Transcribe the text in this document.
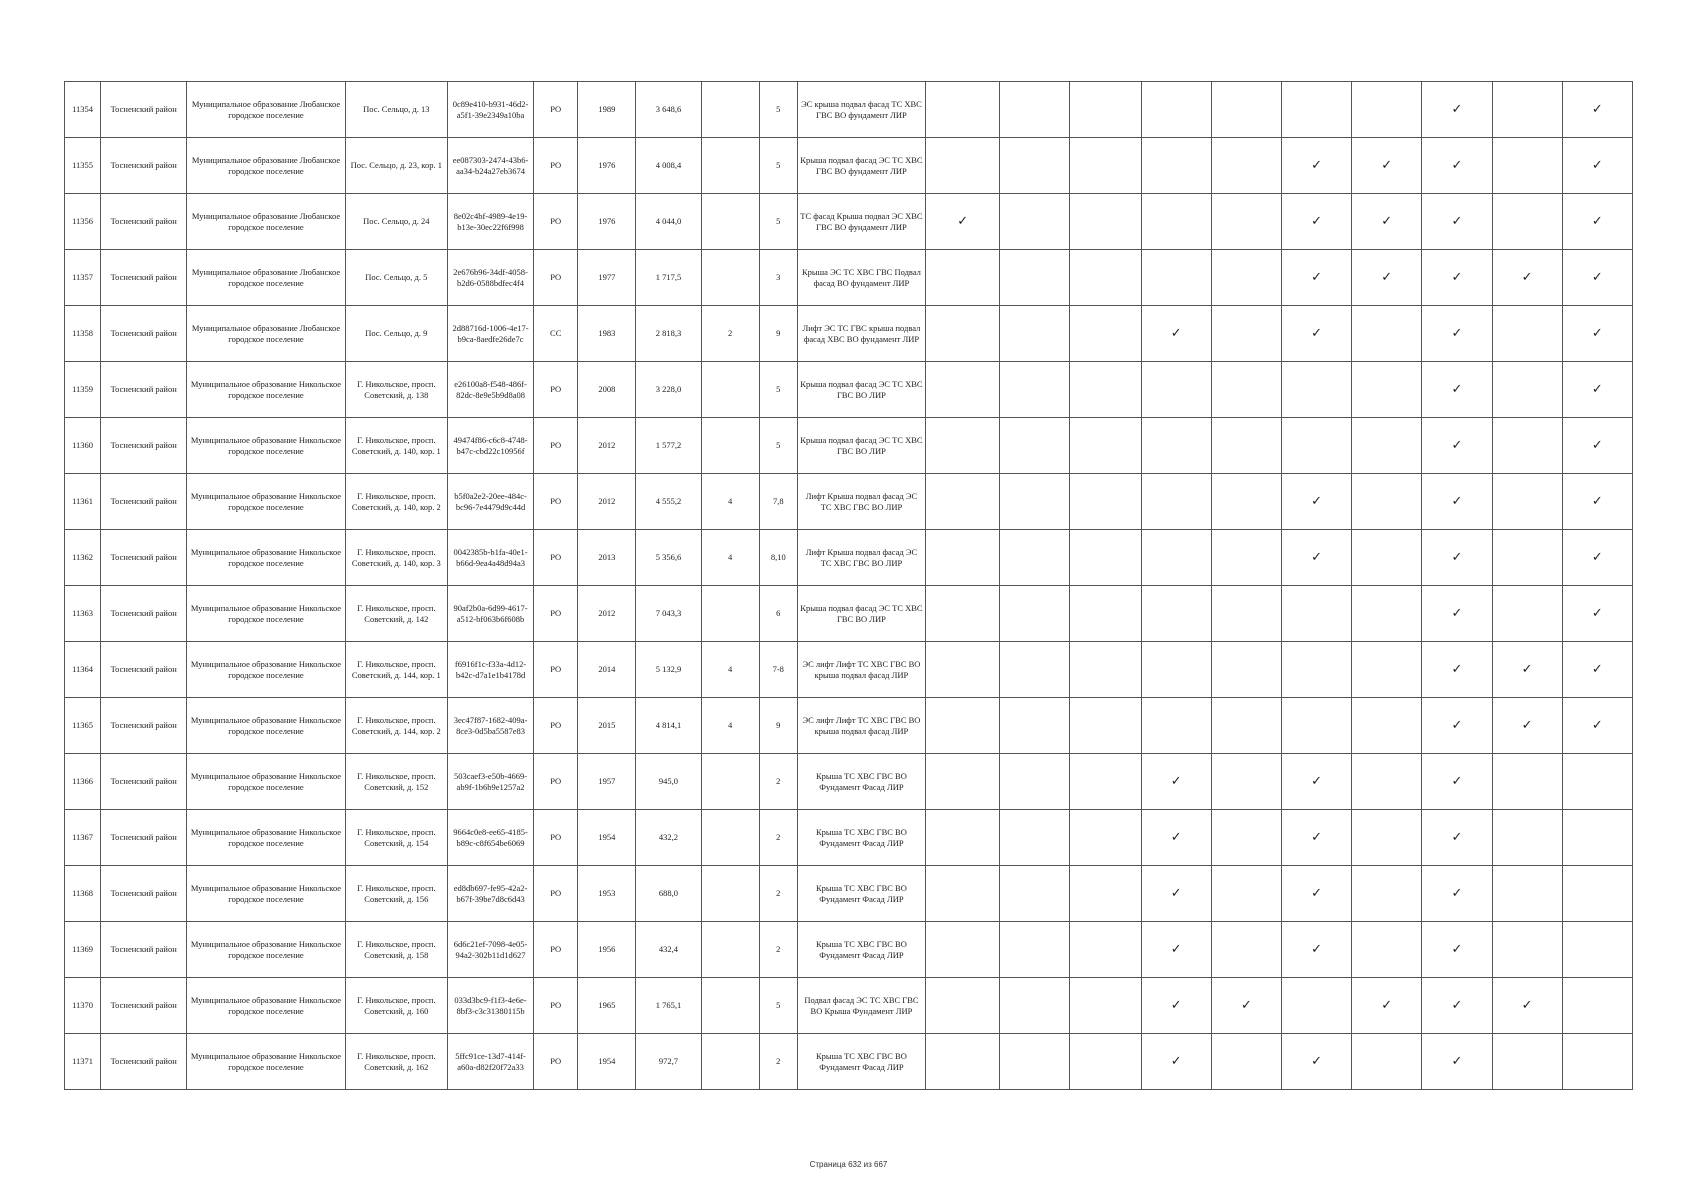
11354	Тосненский район	Муниципальное образование Любанское городское поселение	Пос. Сельцо, д. 13	0c89e410-b931-46d2-a5f1-39e2349a10ba	РО	1989	3 648,6		5	ЭС крыша подвал фасад ТС ХВС ГВС ВО фундамент ЛИР								✓		✓
11355	Тосненский район	Муниципальное образование Любанское городское поселение	Пос. Сельцо, д. 23, кор. 1	ee087303-2474-43b6-aa34-b24a27eb3674	РО	1976	4 008,4		5	Крыша подвал фасад ЭС ТС ХВС ГВС ВО фундамент ЛИР						✓	✓	✓		✓
11356	Тосненский район	Муниципальное образование Любанское городское поселение	Пос. Сельцо, д. 24	8e02c4bf-4989-4e19-b13e-30ec22f6f998	РО	1976	4 044,0		5	ТС фасад Крыша подвал ЭС ХВС ГВС ВО фундамент ЛИР	✓					✓	✓	✓		✓
11357	Тосненский район	Муниципальное образование Любанское городское поселение	Пос. Сельцо, д. 5	2e676b96-34df-4058-b2d6-0588bdfec4f4	РО	1977	1 717,5		3	Крыша ЭС ТС ХВС ГВС Подвал фасад ВО фундамент ЛИР						✓	✓	✓	✓	✓
11358	Тосненский район	Муниципальное образование Любанское городское поселение	Пос. Сельцо, д. 9	2d88716d-1006-4e17-b9ca-8aedfe26de7c	СС	1983	2 818,3	2	9	Лифт ЭС ТС ГВС крыша подвал фасад ХВС ВО фундамент ЛИР				✓		✓		✓		✓
11359	Тосненский район	Муниципальное образование Никольское городское поселение	Г. Никольское, просп. Советский, д. 138	e26100a8-f548-486f-82dc-8e9e5b9d8a08	РО	2008	3 228,0		5	Крыша подвал фасад ЭС ТС ХВС ГВС ВО ЛИР								✓		✓
11360	Тосненский район	Муниципальное образование Никольское городское поселение	Г. Никольское, просп. Советский, д. 140, кор. 1	49474f86-c6c8-4748-b47c-cbd22c10956f	РО	2012	1 577,2		5	Крыша подвал фасад ЭС ТС ХВС ГВС ВО ЛИР								✓		✓
11361	Тосненский район	Муниципальное образование Никольское городское поселение	Г. Никольское, просп. Советский, д. 140, кор. 2	b5f0a2e2-20ee-484c-bc96-7e4479d9c44d	РО	2012	4 555,2	4	7,8	Лифт Крыша подвал фасад ЭС ТС ХВС ГВС ВО ЛИР						✓		✓		✓
11362	Тосненский район	Муниципальное образование Никольское городское поселение	Г. Никольское, просп. Советский, д. 140, кор. 3	0042385b-b1fa-40e1-b66d-9ea4a48d94a3	РО	2013	5 356,6	4	8,10	Лифт Крыша подвал фасад ЭС ТС ХВС ГВС ВО ЛИР						✓		✓		✓
11363	Тосненский район	Муниципальное образование Никольское городское поселение	Г. Никольское, просп. Советский, д. 142	90af2b0a-6d99-4617-a512-bf063b6f608b	РО	2012	7 043,3		6	Крыша подвал фасад ЭС ТС ХВС ГВС ВО ЛИР								✓		✓
11364	Тосненский район	Муниципальное образование Никольское городское поселение	Г. Никольское, просп. Советский, д. 144, кор. 1	f6916f1c-f33a-4d12-b42c-d7a1e1b4178d	РО	2014	5 132,9	4	7-8	ЭС лифт Лифт ТС ХВС ГВС ВО крыша подвал фасад ЛИР								✓	✓	✓
11365	Тосненский район	Муниципальное образование Никольское городское поселение	Г. Никольское, просп. Советский, д. 144, кор. 2	3ec47f87-1682-409a-8ce3-0d5ba5587e83	РО	2015	4 814,1	4	9	ЭС лифт Лифт ТС ХВС ГВС ВО крыша подвал фасад ЛИР								✓	✓	✓
11366	Тосненский район	Муниципальное образование Никольское городское поселение	Г. Никольское, просп. Советский, д. 152	503caef3-e50b-4669-ab9f-1b6b9e1257a2	РО	1957	945,0		2	Крыша ТС ХВС ГВС ВО Фундамент Фасад ЛИР				✓		✓		✓		
11367	Тосненский район	Муниципальное образование Никольское городское поселение	Г. Никольское, просп. Советский, д. 154	9664c0e8-ee65-4185-b89c-c8f654be6069	РО	1954	432,2		2	Крыша ТС ХВС ГВС ВО Фундамент Фасад ЛИР				✓		✓		✓		
11368	Тосненский район	Муниципальное образование Никольское городское поселение	Г. Никольское, просп. Советский, д. 156	ed8db697-fe95-42a2-b67f-39be7d8c6d43	РО	1953	688,0		2	Крыша ТС ХВС ГВС ВО Фундамент Фасад ЛИР				✓		✓		✓		
11369	Тосненский район	Муниципальное образование Никольское городское поселение	Г. Никольское, просп. Советский, д. 158	6d6c21ef-7098-4e05-94a2-302b11d1d627	РО	1956	432,4		2	Крыша ТС ХВС ГВС ВО Фундамент Фасад ЛИР				✓		✓		✓		
11370	Тосненский район	Муниципальное образование Никольское городское поселение	Г. Никольское, просп. Советский, д. 160	033d3bc9-f1f3-4e6e-8bf3-c3c31380115b	РО	1965	1 765,1		5	Подвал фасад ЭС ТС ХВС ГВС ВО Крыша Фундамент ЛИР				✓	✓		✓	✓	✓	
11371	Тосненский район	Муниципальное образование Никольское городское поселение	Г. Никольское, просп. Советский, д. 162	5ffc91ce-13d7-414f-a60a-d82f20f72a33	РО	1954	972,7		2	Крыша ТС ХВС ГВС ВО Фундамент Фасад ЛИР				✓		✓		✓		
Страница 632 из 667
